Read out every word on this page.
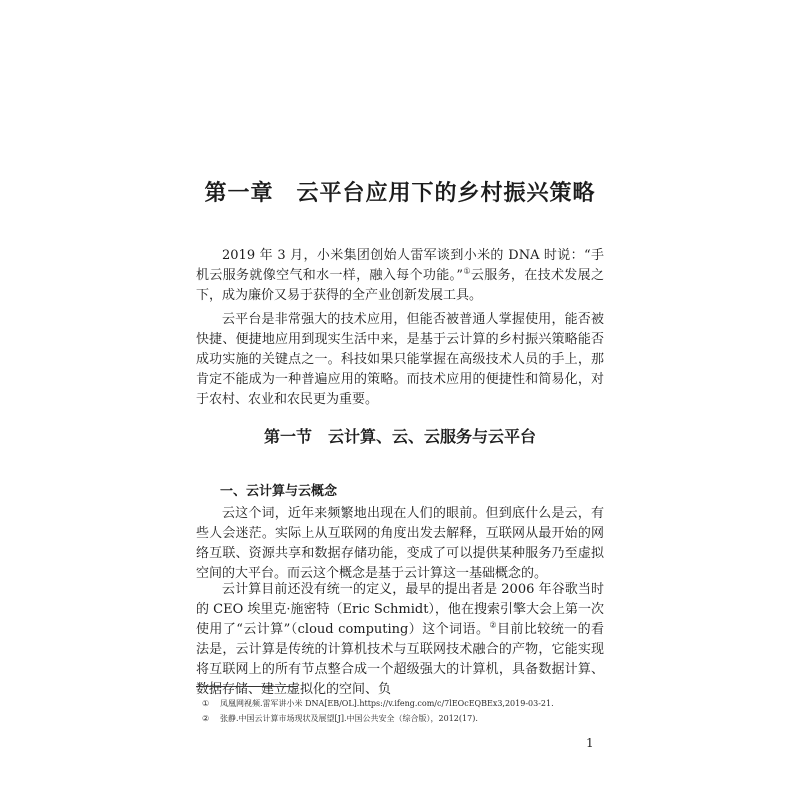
第一章　云平台应用下的乡村振兴策略

2019 年 3 月，小米集团创始人雷军谈到小米的 DNA 时说：“手机云服务就像空气和水一样，融入每个功能。”①云服务，在技术发展之下，成为廉价又易于获得的全产业创新发展工具。

云平台是非常强大的技术应用，但能否被普通人掌握使用，能否被快捷、便捷地应用到现实生活中来，是基于云计算的乡村振兴策略能否成功实施的关键点之一。科技如果只能掌握在高级技术人员的手上，那肯定不能成为一种普遍应用的策略。而技术应用的便捷性和简易化，对于农村、农业和农民更为重要。

第一节　云计算、云、云服务与云平台
一、云计算与云概念

云这个词，近年来频繁地出现在人们的眼前。但到底什么是云，有些人会迷茫。实际上从互联网的角度出发去解释，互联网从最开始的网络互联、资源共享和数据存储功能，变成了可以提供某种服务乃至虚拟空间的大平台。而云这个概念是基于云计算这一基础概念的。

云计算目前还没有统一的定义，最早的提出者是 2006 年谷歌当时的 CEO 埃里克·施密特（Eric Schmidt），他在搜索引擎大会上第一次使用了“云计算”（cloud computing）这个词语。②目前比较统一的看法是，云计算是传统的计算机技术与互联网技术融合的产物，它能实现将互联网上的所有节点整合成一个超级强大的计算机，具备数据计算、数据存储、建立虚拟化的空间、负

① 凤凰网视频.雷军讲小米 DNA[EB/OL].https://v.ifeng.com/c/7lEOcEQBEx3,2019-03-21.
② 张静.中国云计算市场现状及展望[J].中国公共安全（综合版），2012(17).

1
